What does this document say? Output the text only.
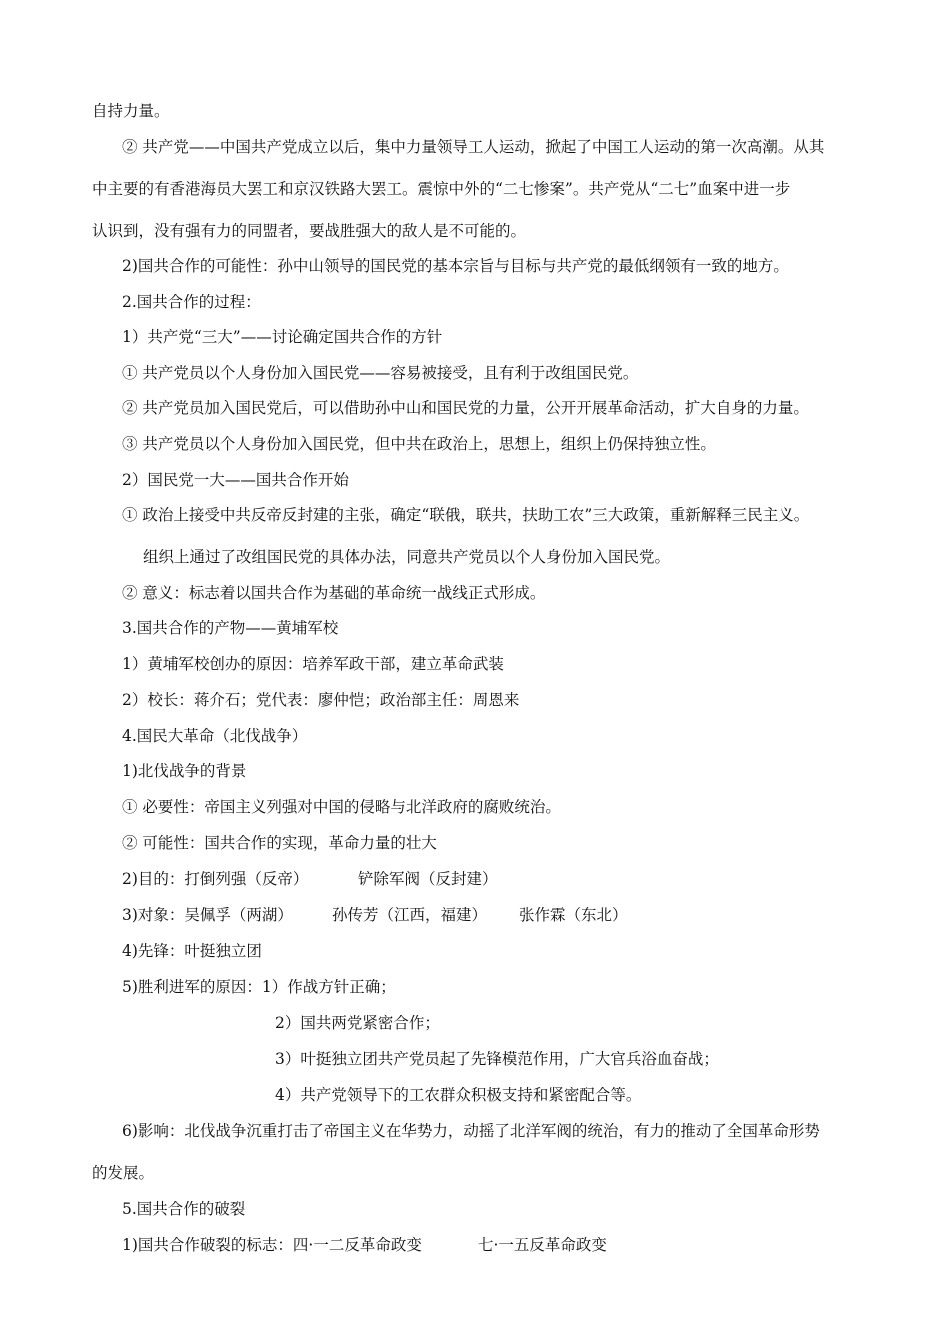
自持力量。
② 共产党——中国共产党成立以后，集中力量领导工人运动，掀起了中国工人运动的第一次高潮。从其
中主要的有香港海员大罢工和京汉铁路大罢工。震惊中外的“二七惨案”。共产党从“二七”血案中进一步
认识到，没有强有力的同盟者，要战胜强大的敌人是不可能的。
2)国共合作的可能性：孙中山领导的国民党的基本宗旨与目标与共产党的最低纲领有一致的地方。
2.国共合作的过程：
1）共产党“三大”——讨论确定国共合作的方针
① 共产党员以个人身份加入国民党——容易被接受，且有利于改组国民党。
② 共产党员加入国民党后，可以借助孙中山和国民党的力量，公开开展革命活动，扩大自身的力量。
③ 共产党员以个人身份加入国民党，但中共在政治上，思想上，组织上仍保持独立性。
2）国民党一大——国共合作开始
① 政治上接受中共反帝反封建的主张，确定“联俄，联共，扶助工农”三大政策，重新解释三民主义。
组织上通过了改组国民党的具体办法，同意共产党员以个人身份加入国民党。
② 意义：标志着以国共合作为基础的革命统一战线正式形成。
3.国共合作的产物——黄埔军校
1）黄埔军校创办的原因：培养军政干部，建立革命武装
2）校长：蒋介石；党代表：廖仲恺；政治部主任：周恩来
4.国民大革命（北伐战争）
1)北伐战争的背景
① 必要性：帝国主义列强对中国的侵略与北洋政府的腐败统治。
② 可能性：国共合作的实现，革命力量的壮大
2)目的：打倒列强（反帝）	铲除军阀（反封建）
3)对象：吴佩孚（两湖）	孙传芳（江西，福建） 张作霖（东北）
4)先锋：叶挺独立团
5)胜利进军的原因：1）作战方针正确；
2）国共两党紧密合作；
3）叶挺独立团共产党员起了先锋模范作用，广大官兵浴血奋战；
4）共产党领导下的工农群众积极支持和紧密配合等。
6)影响：北伐战争沉重打击了帝国主义在华势力，动摇了北洋军阀的统治，有力的推动了全国革命形势
的发展。
5.国共合作的破裂
1)国共合作破裂的标志：四·一二反革命政变	七·一五反革命政变
